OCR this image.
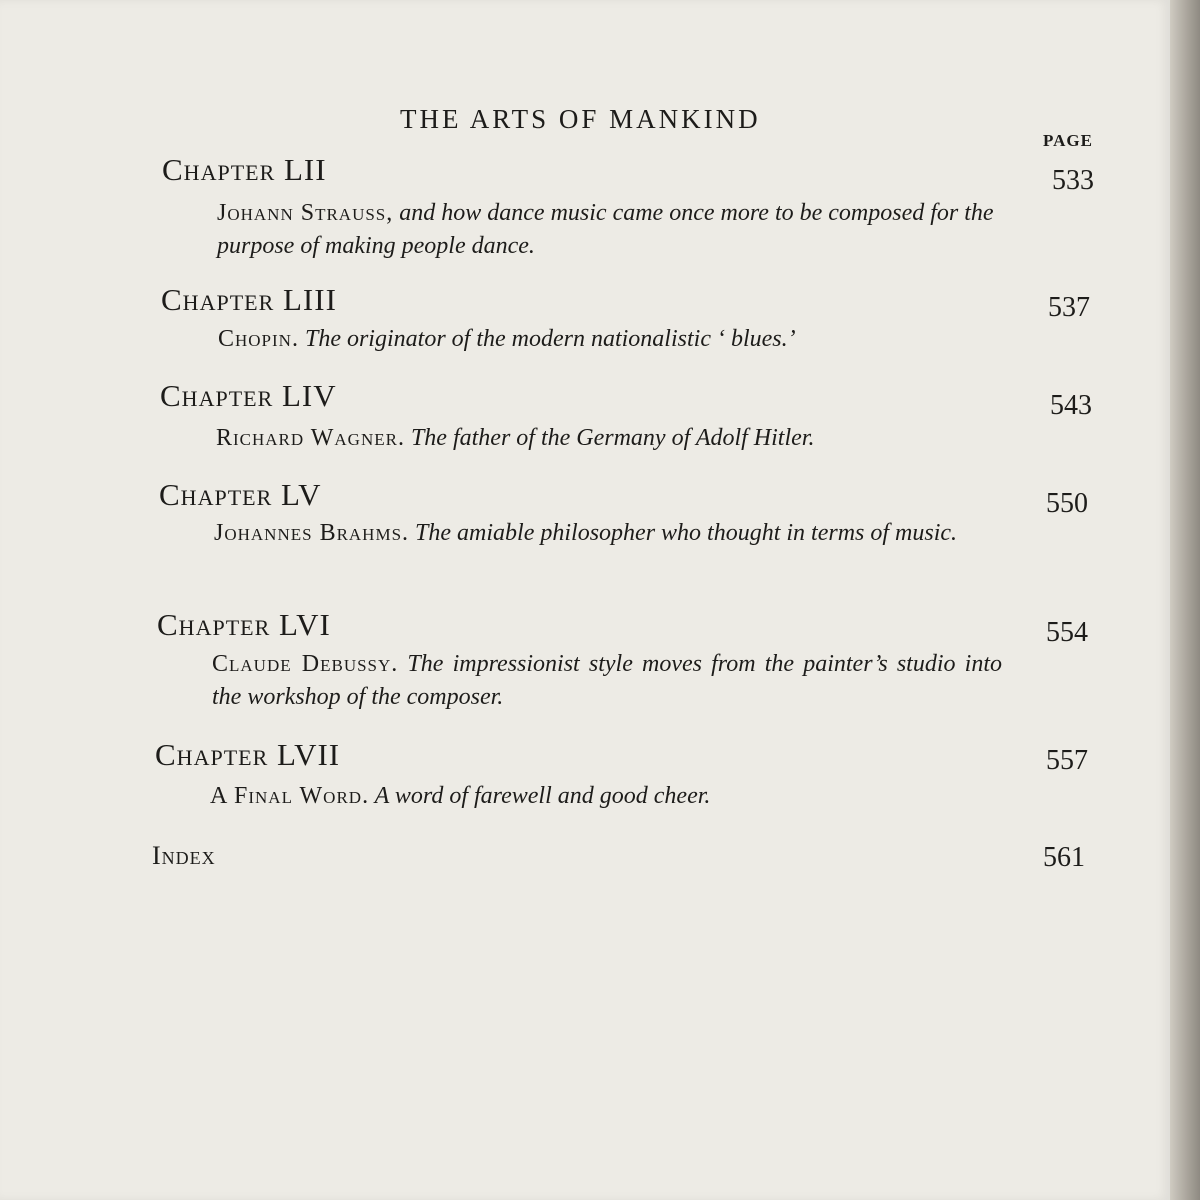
THE ARTS OF MANKIND
PAGE
Chapter LII	533
Johann Strauss, and how dance music came once more to be composed for the purpose of making people dance.
Chapter LIII	537
Chopin. The originator of the modern nationalistic ‘ blues.’
Chapter LIV	543
Richard Wagner. The father of the Germany of Adolf Hitler.
Chapter LV	550
Johannes Brahms. The amiable philosopher who thought in terms of music.
Chapter LVI	554
Claude Debussy. The impressionist style moves from the painter’s studio into the workshop of the composer.
Chapter LVII	557
A Final Word. A word of farewell and good cheer.
Index	561
